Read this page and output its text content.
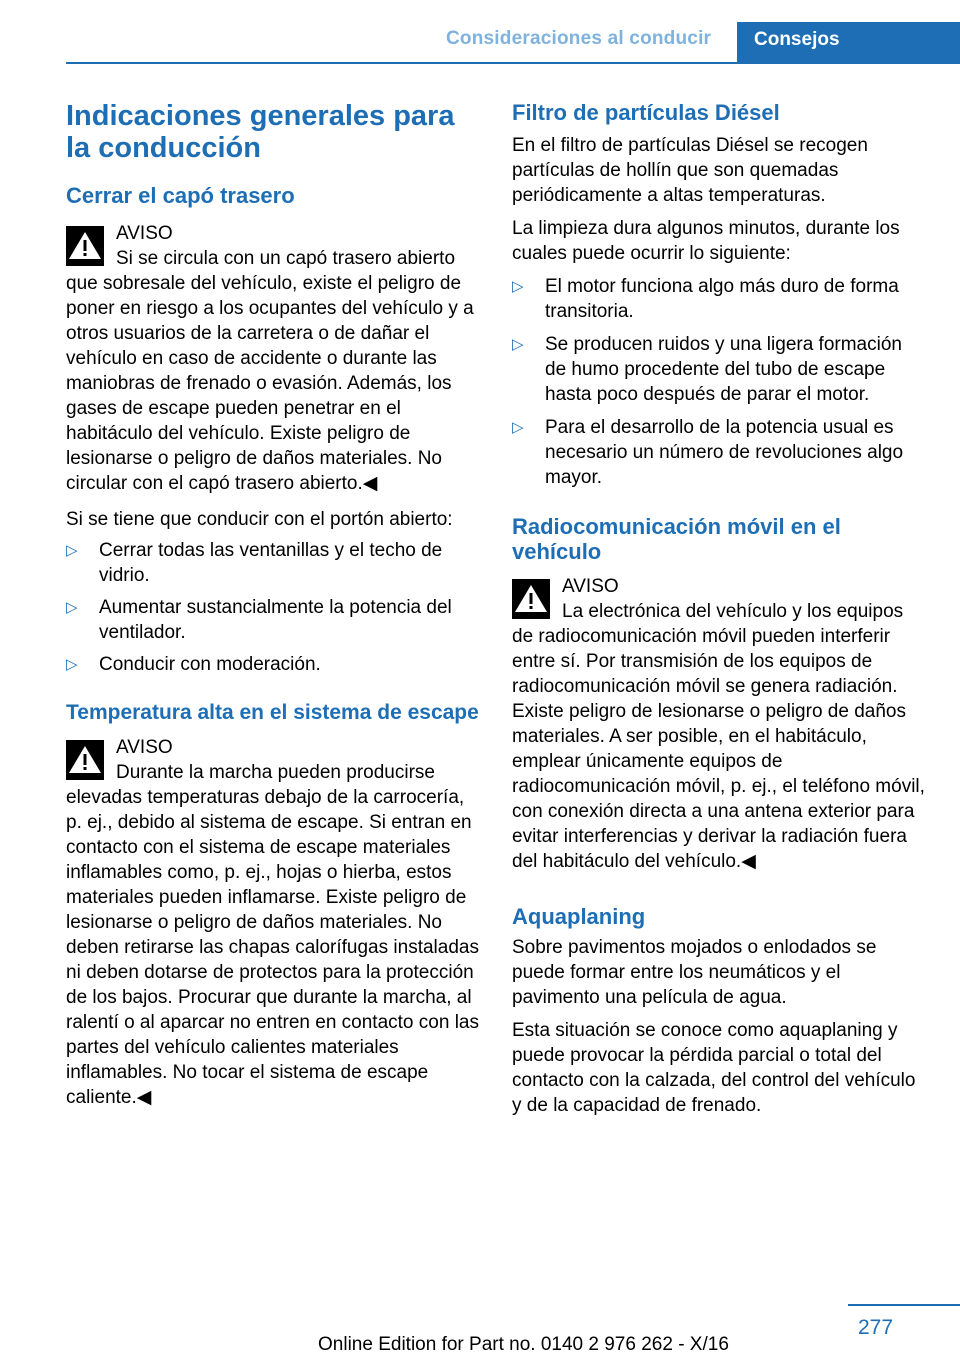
Consideraciones al conducir Consejos
Indicaciones generales para la conducción
Cerrar el capó trasero
AVISO
Si se circula con un capó trasero abierto
que sobresale del vehículo, existe el peligro de poner en riesgo a los ocupantes del vehículo y a otros usuarios de la carretera o de dañar el vehículo en caso de accidente o durante las maniobras de frenado o evasión. Además, los gases de escape pueden penetrar en el habitáculo del vehículo. Existe peligro de lesionarse o peligro de daños materiales. No circular con el capó trasero abierto.◀

Si se tiene que conducir con el portón abierto:

▷ Cerrar todas las ventanillas y el techo de vidrio.
▷ Aumentar sustancialmente la potencia del ventilador.
▷ Conducir con moderación.
Temperatura alta en el sistema de escape
AVISO
Durante la marcha pueden producirse
elevadas temperaturas debajo de la carrocería, p. ej., debido al sistema de escape. Si entran en contacto con el sistema de escape materiales inflamables como, p. ej., hojas o hierba, estos materiales pueden inflamarse. Existe peligro de lesionarse o peligro de daños materiales. No deben retirarse las chapas calorífugas instaladas ni deben dotarse de protectos para la protección de los bajos. Procurar que durante la marcha, al ralentí o al aparcar no entren en contacto con las partes del vehículo calientes materiales inflamables. No tocar el sistema de escape caliente.◀
Filtro de partículas Diésel

En el filtro de partículas Diésel se recogen partículas de hollín que son quemadas periódicamente a altas temperaturas.

La limpieza dura algunos minutos, durante los cuales puede ocurrir lo siguiente:

▷ El motor funciona algo más duro de forma transitoria.
▷ Se producen ruidos y una ligera formación de humo procedente del tubo de escape hasta poco después de parar el motor.
▷ Para el desarrollo de la potencia usual es necesario un número de revoluciones algo mayor.
Radiocomunicación móvil en el vehículo
AVISO
La electrónica del vehículo y los equipos
de radiocomunicación móvil pueden interferir entre sí. Por transmisión de los equipos de radiocomunicación móvil se genera radiación. Existe peligro de lesionarse o peligro de daños materiales. A ser posible, en el habitáculo, emplear únicamente equipos de radiocomunicación móvil, p. ej., el teléfono móvil, con conexión directa a una antena exterior para evitar interferencias y derivar la radiación fuera del habitáculo del vehículo.◀
Aquaplaning

Sobre pavimentos mojados o enlodados se puede formar entre los neumáticos y el pavimento una película de agua.

Esta situación se conoce como aquaplaning y puede provocar la pérdida parcial o total del contacto con la calzada, del control del vehículo y de la capacidad de frenado.

277
Online Edition for Part no. 0140 2 976 262 - X/16
